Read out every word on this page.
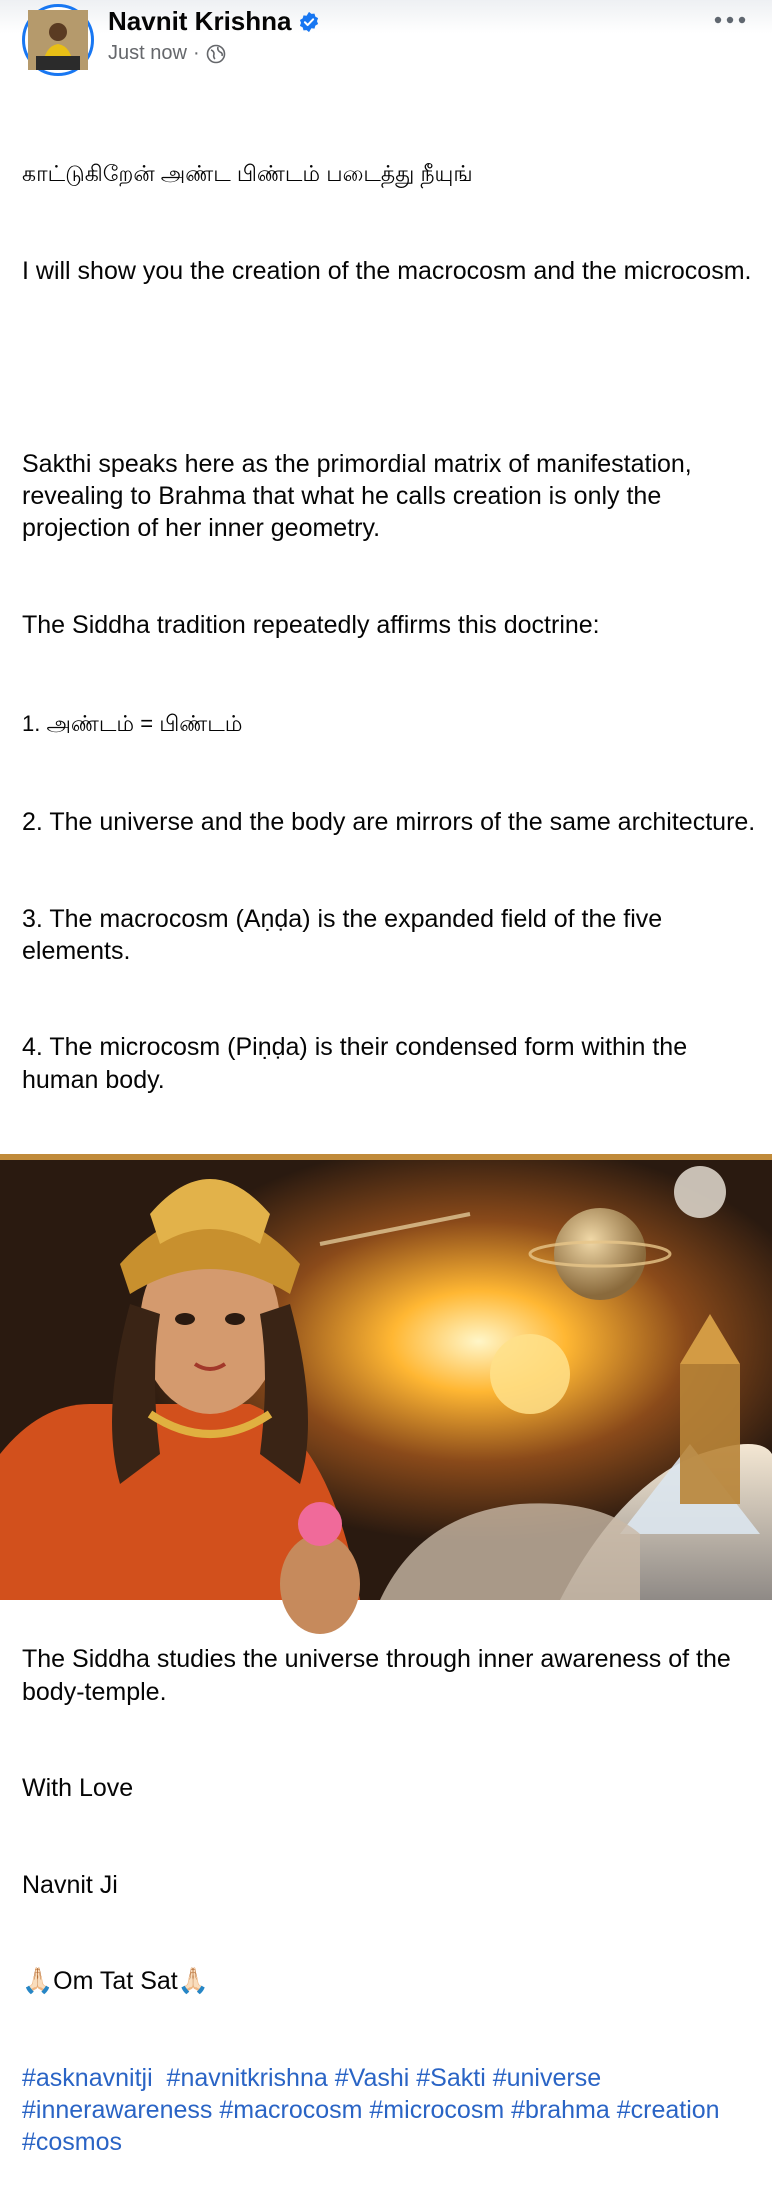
Navnit Krishna
Just now ·

காட்டுகிறேன் அண்ட பிண்டம் படைத்து நீயுங்

I will show you the creation of the macrocosm and the microcosm.

Sakthi speaks here as the primordial matrix of manifestation, revealing to Brahma that what he calls creation is only the projection of her inner geometry.

The Siddha tradition repeatedly affirms this doctrine:

1. அண்டம் = பிண்டம்

2. The universe and the body are mirrors of the same architecture.

3. The macrocosm (Aṇḍa) is the expanded field of the five elements.

4. The microcosm (Piṇḍa) is their condensed form within the human body.

The Siddha studies the universe through inner awareness of the body-temple.

With Love

Navnit Ji

🙏🏻Om Tat Sat🙏🏻

#asknavnitji #navnitkrishna #Vashi #Sakti #universe #innerawareness #macrocosm #microcosm #brahma #creation #cosmos
